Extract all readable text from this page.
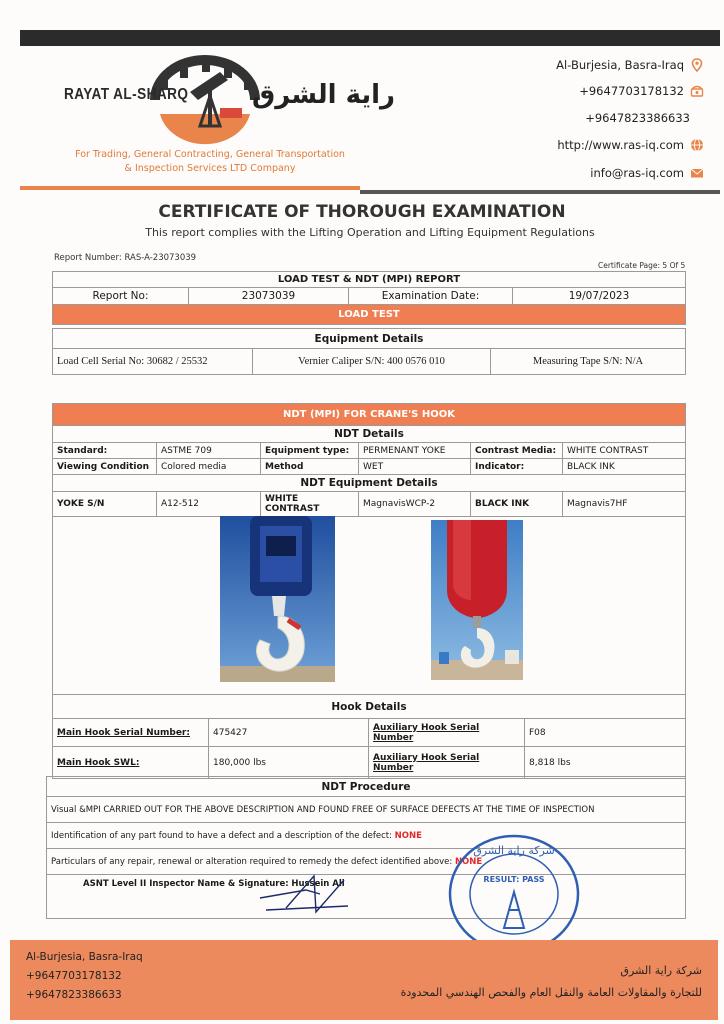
RAYAT AL-SHARQ راية الشرق
For Trading, General Contracting, General Transportation
& Inspection Services LTD Company
Al-Burjesia, Basra-Iraq
+9647703178132
+9647823386633
http://www.ras-iq.com
info@ras-iq.com
CERTIFICATE OF THOROUGH EXAMINATION
This report complies with the Lifting Operation and Lifting Equipment Regulations
Report Number: RAS-A-23073039
Certificate Page: 5 Of 5
LOAD TEST & NDT (MPI) REPORT
Report No:	23073039	Examination Date:	19/07/2023
LOAD TEST
Equipment Details
Load Cell Serial No: 30682 / 25532	Vernier Caliper S/N: 400 0576 010	Measuring Tape S/N: N/A
NDT (MPI) FOR CRANE'S HOOK					
NDT Details					
Standard:	ASTME 709	Equipment type:	PERMENANT YOKE	Contrast Media:	WHITE CONTRAST
Viewing Condition	Colored media	Method	WET	Indicator:	BLACK INK
NDT Equipment Details					
YOKE S/N	A12-512	WHITE CONTRAST	MagnavisWCP-2	BLACK INK	Magnavis7HF
Hook Details			
Main Hook Serial Number:	475427	Auxiliary Hook Serial Number	F08
Main Hook SWL:	180,000 lbs	Auxiliary Hook Serial Number	8,818 lbs
NDT Procedure
Visual &MPI CARRIED OUT FOR THE ABOVE DESCRIPTION AND FOUND FREE OF SURFACE DEFECTS AT THE TIME OF INSPECTION
Identification of any part found to have a defect and a description of the defect: NONE
Particulars of any repair, renewal or alteration required to remedy the defect identified above: NONE
ASNT Level II Inspector Name & Signature: Hussein Ali
شركة راية الشرق
RESULT: PASS
Al-Burjesia, Basra-Iraq
+9647703178132
+9647823386633
شركة راية الشرق
للتجارة والمقاولات العامة والنقل العام والفحص الهندسي المحدودة
